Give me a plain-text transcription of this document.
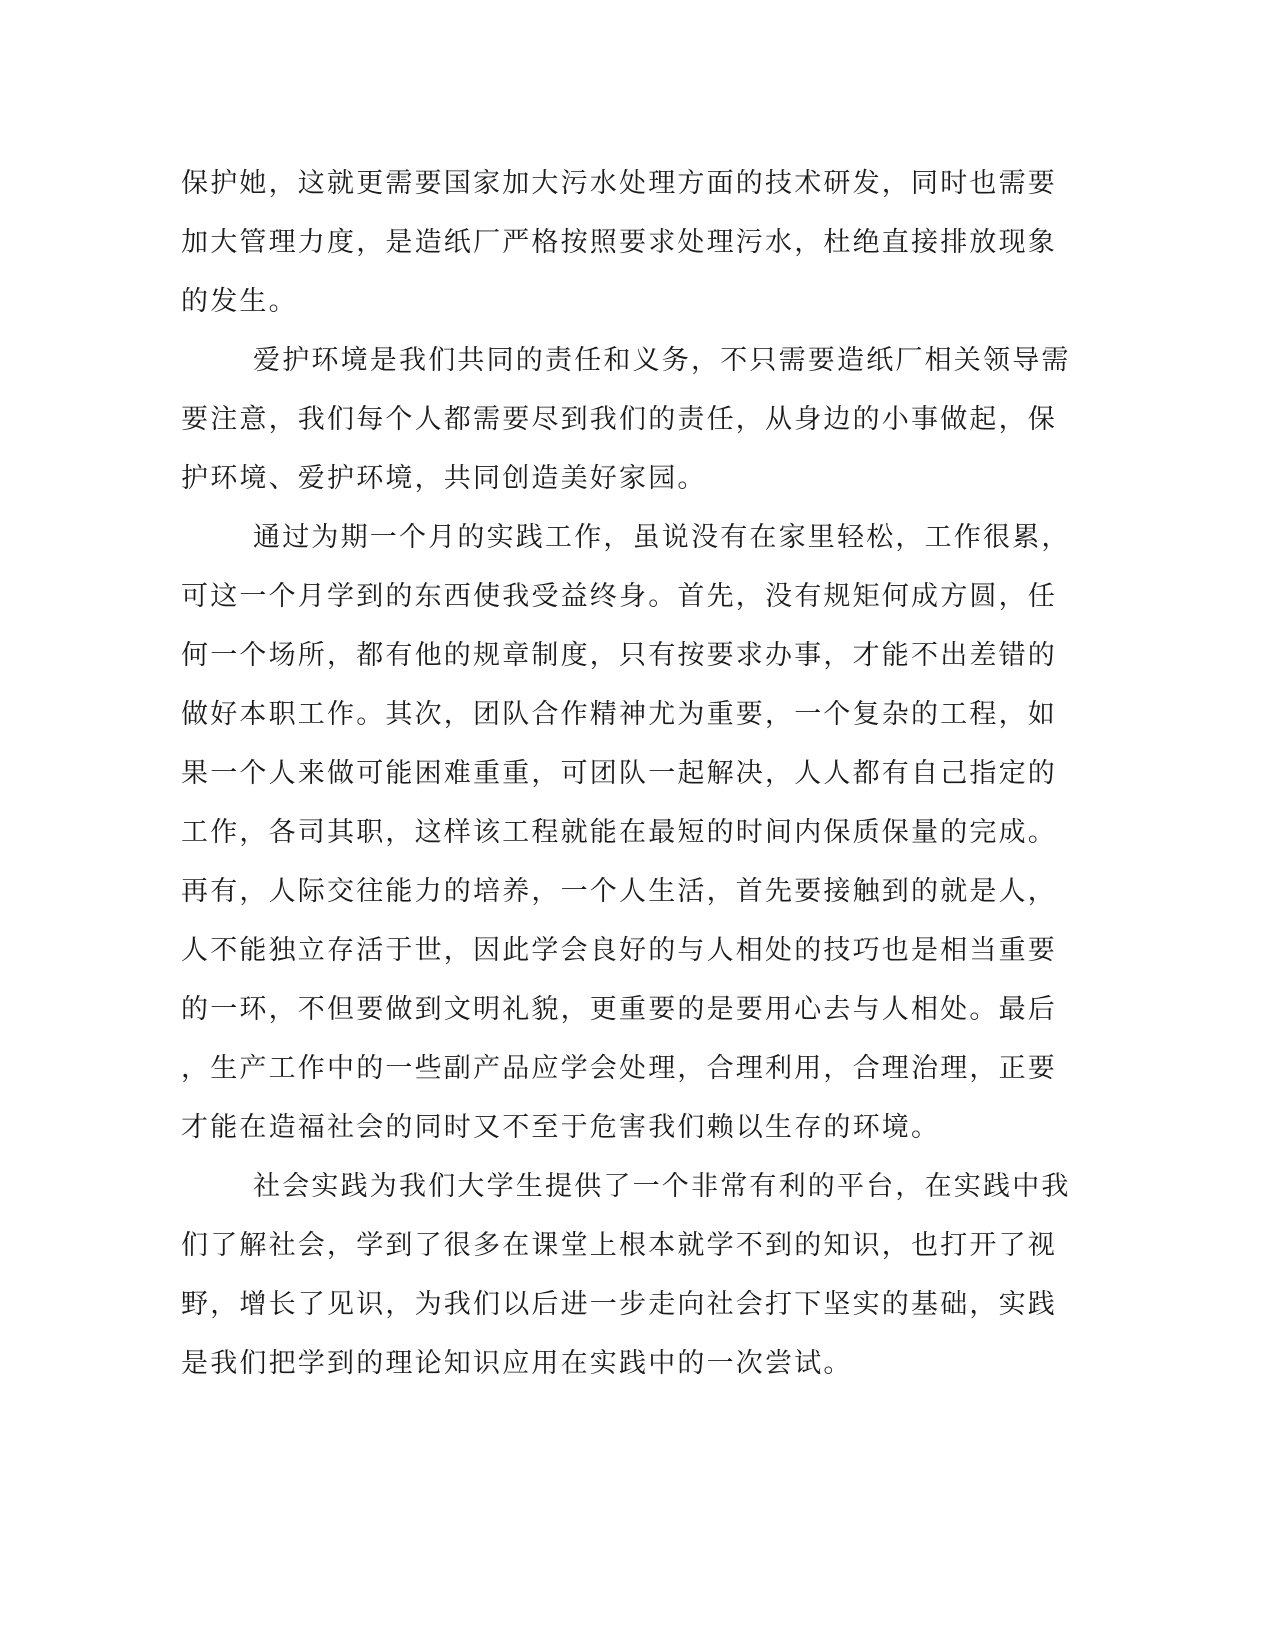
保护她，这就更需要国家加大污水处理方面的技术研发，同时也需要
加大管理力度，是造纸厂严格按照要求处理污水，杜绝直接排放现象
的发生。
爱护环境是我们共同的责任和义务，不只需要造纸厂相关领导需
要注意，我们每个人都需要尽到我们的责任，从身边的小事做起，保
护环境、爱护环境，共同创造美好家园。
通过为期一个月的实践工作，虽说没有在家里轻松，工作很累，
可这一个月学到的东西使我受益终身。首先，没有规矩何成方圆，任
何一个场所，都有他的规章制度，只有按要求办事，才能不出差错的
做好本职工作。其次，团队合作精神尤为重要，一个复杂的工程，如
果一个人来做可能困难重重，可团队一起解决，人人都有自己指定的
工作，各司其职，这样该工程就能在最短的时间内保质保量的完成。
再有，人际交往能力的培养，一个人生活，首先要接触到的就是人，
人不能独立存活于世，因此学会良好的与人相处的技巧也是相当重要
的一环，不但要做到文明礼貌，更重要的是要用心去与人相处。最后
，生产工作中的一些副产品应学会处理，合理利用，合理治理，正要
才能在造福社会的同时又不至于危害我们赖以生存的环境。
社会实践为我们大学生提供了一个非常有利的平台，在实践中我
们了解社会，学到了很多在课堂上根本就学不到的知识，也打开了视
野，增长了见识，为我们以后进一步走向社会打下坚实的基础，实践
是我们把学到的理论知识应用在实践中的一次尝试。
